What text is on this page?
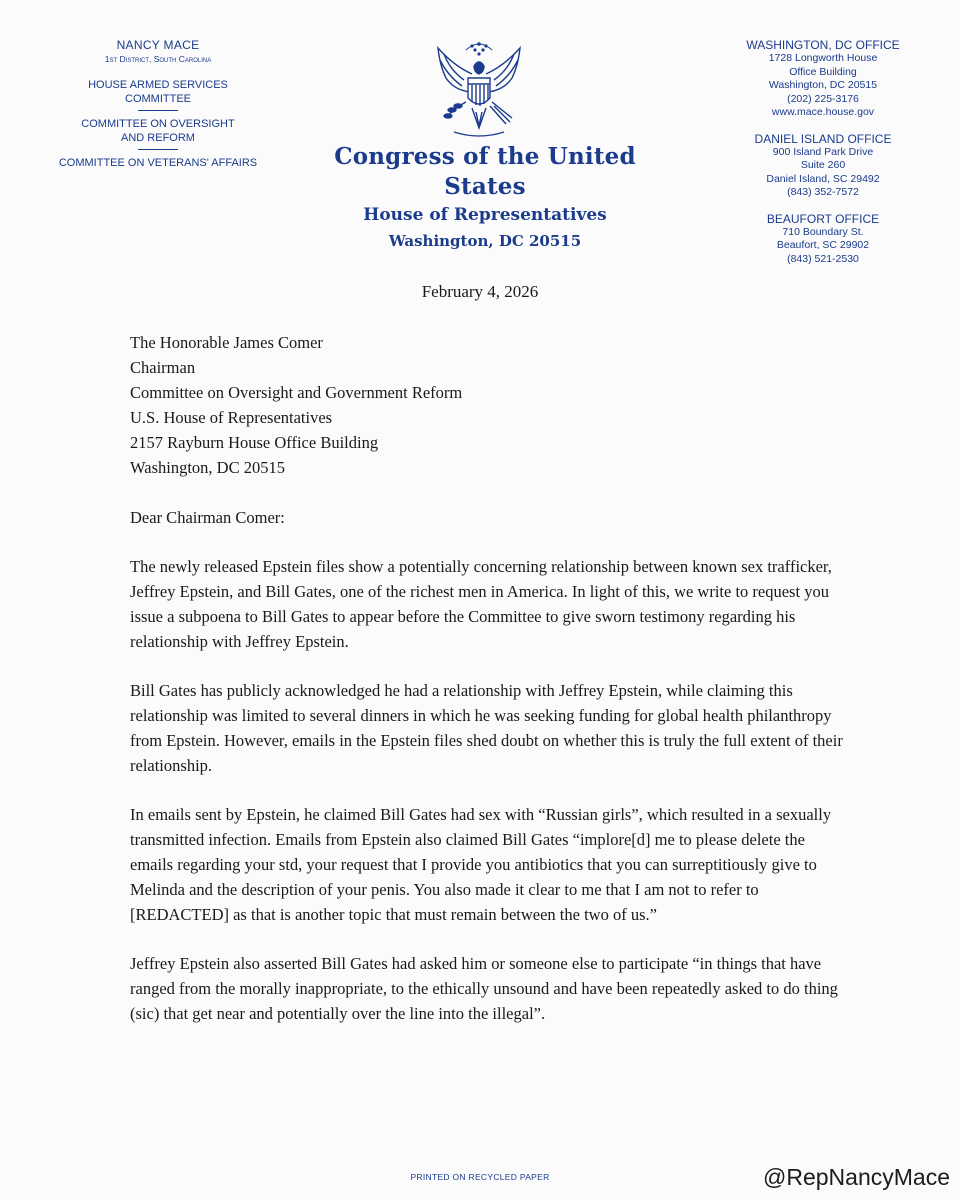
NANCY MACE
1st District, South Carolina
HOUSE ARMED SERVICES
COMMITTEE
COMMITTEE ON OVERSIGHT
AND REFORM
COMMITTEE ON VETERANS' AFFAIRS	Congress of the United States
House of Representatives
Washington, DC 20515
WASHINGTON, DC OFFICE
1728 Longworth House
Office Building
Washington, DC 20515
(202) 225-3176
www.mace.house.gov
DANIEL ISLAND OFFICE
900 Island Park Drive
Suite 260
Daniel Island, SC 29492
(843) 352-7572
BEAUFORT OFFICE
710 Boundary St.
Beaufort, SC 29902
(843) 521-2530
February 4, 2026
The Honorable James Comer
Chairman
Committee on Oversight and Government Reform
U.S. House of Representatives
2157 Rayburn House Office Building
Washington, DC 20515
Dear Chairman Comer:
The newly released Epstein files show a potentially concerning relationship between known sex trafficker, Jeffrey Epstein, and Bill Gates, one of the richest men in America. In light of this, we write to request you issue a subpoena to Bill Gates to appear before the Committee to give sworn testimony regarding his relationship with Jeffrey Epstein.
Bill Gates has publicly acknowledged he had a relationship with Jeffrey Epstein, while claiming this relationship was limited to several dinners in which he was seeking funding for global health philanthropy from Epstein. However, emails in the Epstein files shed doubt on whether this is truly the full extent of their relationship.
In emails sent by Epstein, he claimed Bill Gates had sex with “Russian girls”, which resulted in a sexually transmitted infection. Emails from Epstein also claimed Bill Gates “implore[d] me to please delete the emails regarding your std, your request that I provide you antibiotics that you can surreptitiously give to Melinda and the description of your penis. You also made it clear to me that I am not to refer to [REDACTED] as that is another topic that must remain between the two of us.”
Jeffrey Epstein also asserted Bill Gates had asked him or someone else to participate “in things that have ranged from the morally inappropriate, to the ethically unsound and have been repeatedly asked to do thing (sic) that get near and potentially over the line into the illegal”.
PRINTED ON RECYCLED PAPER	@RepNancyMace
